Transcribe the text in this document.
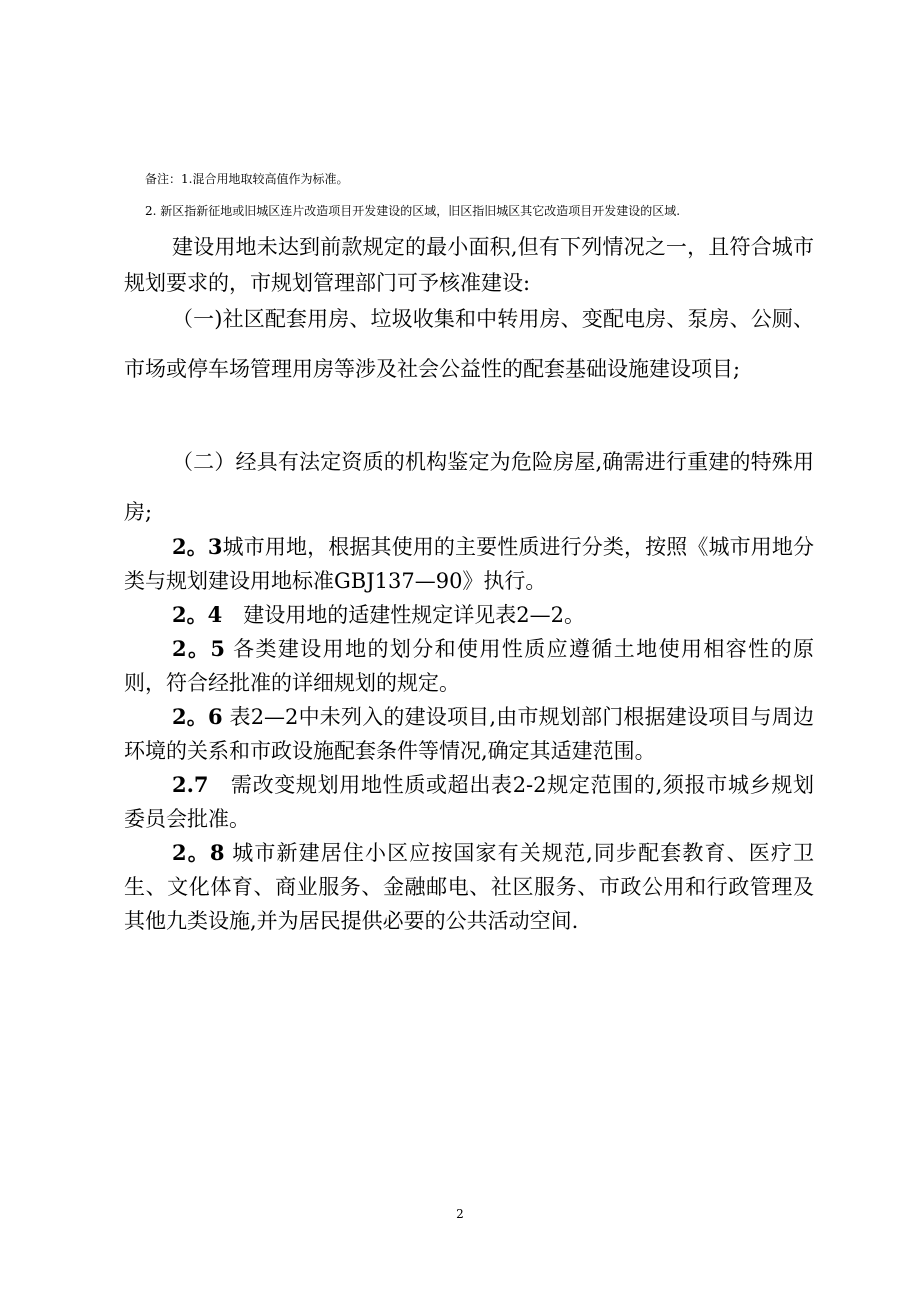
备注：1.混合用地取较高值作为标准。
2. 新区指新征地或旧城区连片改造项目开发建设的区域，旧区指旧城区其它改造项目开发建设的区域.
建设用地未达到前款规定的最小面积,但有下列情况之一，且符合城市规划要求的，市规划管理部门可予核准建设:
（一)社区配套用房、垃圾收集和中转用房、变配电房、泵房、公厕、市场或停车场管理用房等涉及社会公益性的配套基础设施建设项目;
（二）经具有法定资质的机构鉴定为危险房屋,确需进行重建的特殊用房;

2。3城市用地，根据其使用的主要性质进行分类，按照《城市用地分类与规划建设用地标准GBJ137—90》执行。

2。4　建设用地的适建性规定详见表2—2。

2。5 各类建设用地的划分和使用性质应遵循土地使用相容性的原则，符合经批准的详细规划的规定。

2。6 表2—2中未列入的建设项目,由市规划部门根据建设项目与周边环境的关系和市政设施配套条件等情况,确定其适建范围。

2.7　需改变规划用地性质或超出表2-2规定范围的,须报市城乡规划委员会批准。

2。8 城市新建居住小区应按国家有关规范,同步配套教育、医疗卫生、文化体育、商业服务、金融邮电、社区服务、市政公用和行政管理及其他九类设施,并为居民提供必要的公共活动空间.

2
